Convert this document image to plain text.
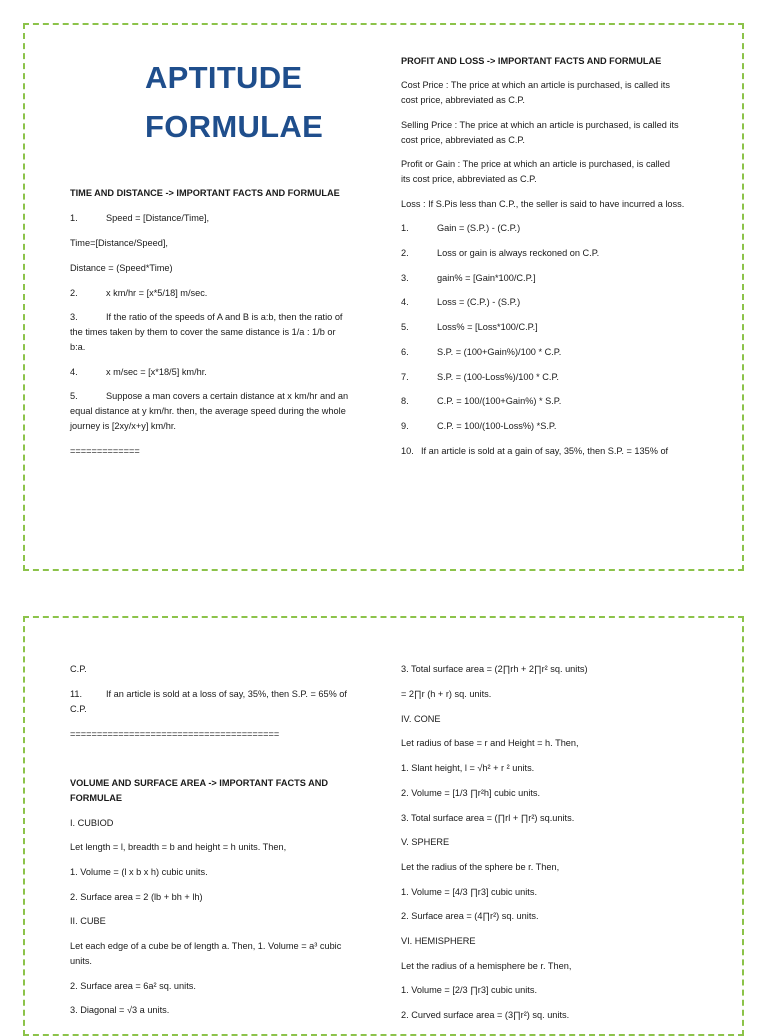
APTITUDE
FORMULAE
TIME AND DISTANCE -> IMPORTANT FACTS AND FORMULAE
1.	Speed = [Distance/Time],
Time=[Distance/Speed],
Distance = (Speed*Time)
2.	x km/hr = [x*5/18] m/sec.
3.	If the ratio of the speeds of A and B is a:b, then the ratio of
the times taken by them to cover the same distance is 1/a : 1/b or
b:a.
4.	x m/sec = [x*18/5] km/hr.
5.	Suppose a man covers a certain distance at x km/hr and an
equal distance at y km/hr. then, the average speed during the whole
journey is [2xy/x+y] km/hr.
=============
PROFIT AND LOSS -> IMPORTANT FACTS AND FORMULAE
Cost Price : The price at which an article is purchased, is called its
cost price, abbreviated as C.P.
Selling Price : The price at which an article is purchased, is called its
cost price, abbreviated as C.P.
Profit or Gain : The price at which an article is purchased, is called
its cost price, abbreviated as C.P.
Loss : If S.Pis less than C.P., the seller is said to have incurred a loss.
1.	Gain = (S.P.) - (C.P.)
2.	Loss or gain is always reckoned on C.P.
3.	gain% = [Gain*100/C.P.]
4.	Loss = (C.P.) - (S.P.)
5.	Loss% = [Loss*100/C.P.]
6.	S.P. = (100+Gain%)/100 * C.P.
7.	S.P. = (100-Loss%)/100 * C.P.
8.	C.P. = 100/(100+Gain%) * S.P.
9.	C.P. = 100/(100-Loss%) *S.P.
10. If an article is sold at a gain of say, 35%, then S.P. = 135% of
C.P.
11.	If an article is sold at a loss of say, 35%, then S.P. = 65% of
C.P.
=======================================
VOLUME AND SURFACE AREA -> IMPORTANT FACTS AND
FORMULAE
I. CUBIOD
Let length = l, breadth = b and height = h units. Then,
1. Volume = (l x b x h) cubic units.
2. Surface area = 2 (lb + bh + lh)
II. CUBE
Let each edge of a cube be of length a. Then, 1. Volume = a³ cubic
units.
2. Surface area = 6a² sq. units.
3. Diagonal = √3 a units.
3. Total surface area = (2∏rh + 2∏r² sq. units)
= 2∏r (h + r) sq. units.
IV. CONE
Let radius of base = r and Height = h. Then,
1. Slant height, l = √h² + r ² units.
2. Volume = [1/3 ∏r²h] cubic units.
3. Total surface area = (∏rl + ∏r²) sq.units.
V. SPHERE
Let the radius of the sphere be r. Then,
1. Volume = [4/3 ∏r3] cubic units.
2. Surface area = (4∏r²) sq. units.
VI. HEMISPHERE
Let the radius of a hemisphere be r. Then,
1. Volume = [2/3 ∏r3] cubic units.
2. Curved surface area = (3∏r²) sq. units.
